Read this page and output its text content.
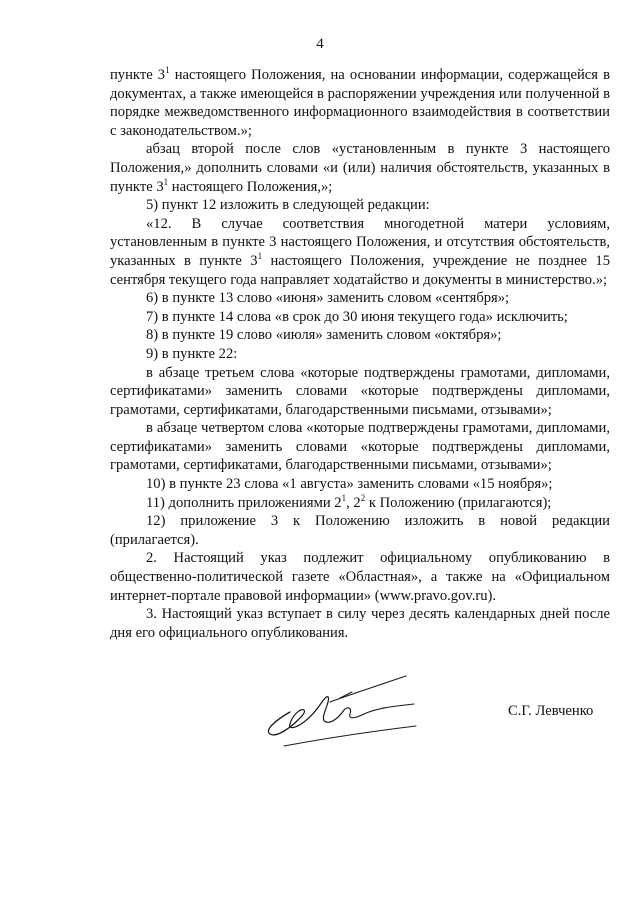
4

пункте $3^1$ настоящего Положения, на основании информации, содержащейся в документах, а также имеющейся в распоряжении учреждения или полученной в порядке межведомственного информационного взаимодействия в соответствии с законодательством.»;

абзац второй после слов «установленным в пункте 3 настоящего Положения,» дополнить словами «и (или) наличия обстоятельств, указанных в пункте $3^1$ настоящего Положения,»;

5) пункт 12 изложить в следующей редакции:

«12. В случае соответствия многодетной матери условиям, установленным в пункте 3 настоящего Положения, и отсутствия обстоятельств, указанных в пункте $3^1$ настоящего Положения, учреждение не позднее 15 сентября текущего года направляет ходатайство и документы в министерство.»;

6) в пункте 13 слово «июня» заменить словом «сентября»;

7) в пункте 14 слова «в срок до 30 июня текущего года» исключить;

8) в пункте 19 слово «июля» заменить словом «октября»;

9) в пункте 22:

в абзаце третьем слова «которые подтверждены грамотами, дипломами, сертификатами» заменить словами «которые подтверждены дипломами, грамотами, сертификатами, благодарственными письмами, отзывами»;

в абзаце четвертом слова «которые подтверждены грамотами, дипломами, сертификатами» заменить словами «которые подтверждены дипломами, грамотами, сертификатами, благодарственными письмами, отзывами»;

10) в пункте 23 слова «1 августа» заменить словами «15 ноября»;

11) дополнить приложениями $2^1$, $2^2$ к Положению (прилагаются);

12) приложение 3 к Положению изложить в новой редакции (прилагается).

2. Настоящий указ подлежит официальному опубликованию в общественно-политической газете «Областная», а также на «Официальном интернет-портале правовой информации» (www.pravo.gov.ru).

3. Настоящий указ вступает в силу через десять календарных дней после дня его официального опубликования.

С.Г. Левченко
